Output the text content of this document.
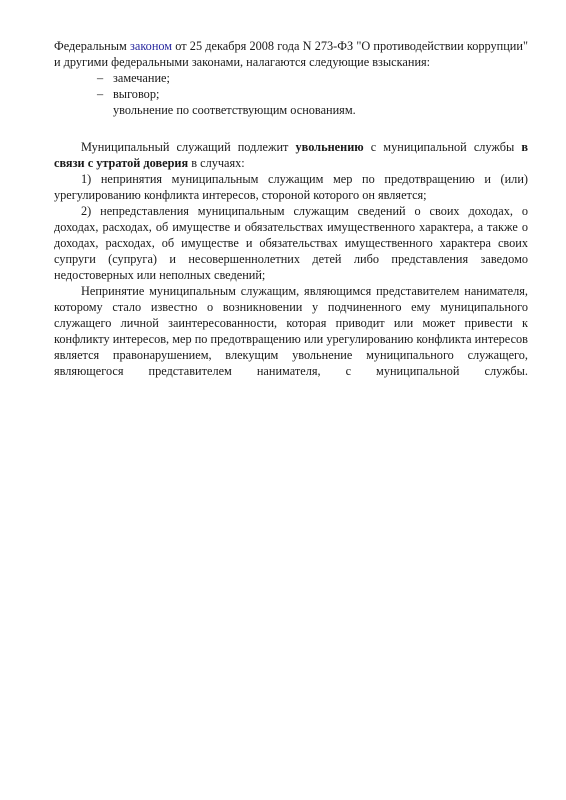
Федеральным законом от 25 декабря 2008 года N 273-ФЗ "О противодействии коррупции" и другими федеральными законами, налагаются следующие взыскания:

– замечание;
– выговор;

увольнение по соответствующим основаниям.

Муниципальный служащий подлежит увольнению с муниципальной службы в связи с утратой доверия в случаях:

1) непринятия муниципальным служащим мер по предотвращению и (или) урегулированию конфликта интересов, стороной которого он является;

2) непредставления муниципальным служащим сведений о своих доходах, о доходах, расходах, об имуществе и обязательствах имущественного характера, а также о доходах, расходах, об имуществе и обязательствах имущественного характера своих супруги (супруга) и несовершеннолетних детей либо представления заведомо недостоверных или неполных сведений;

Непринятие муниципальным служащим, являющимся представителем нанимателя, которому стало известно о возникновении у подчиненного ему муниципального служащего личной заинтересованности, которая приводит или может привести к конфликту интересов, мер по предотвращению или урегулированию конфликта интересов является правонарушением, влекущим увольнение муниципального служащего, являющегося представителем нанимателя, с муниципальной службы.
